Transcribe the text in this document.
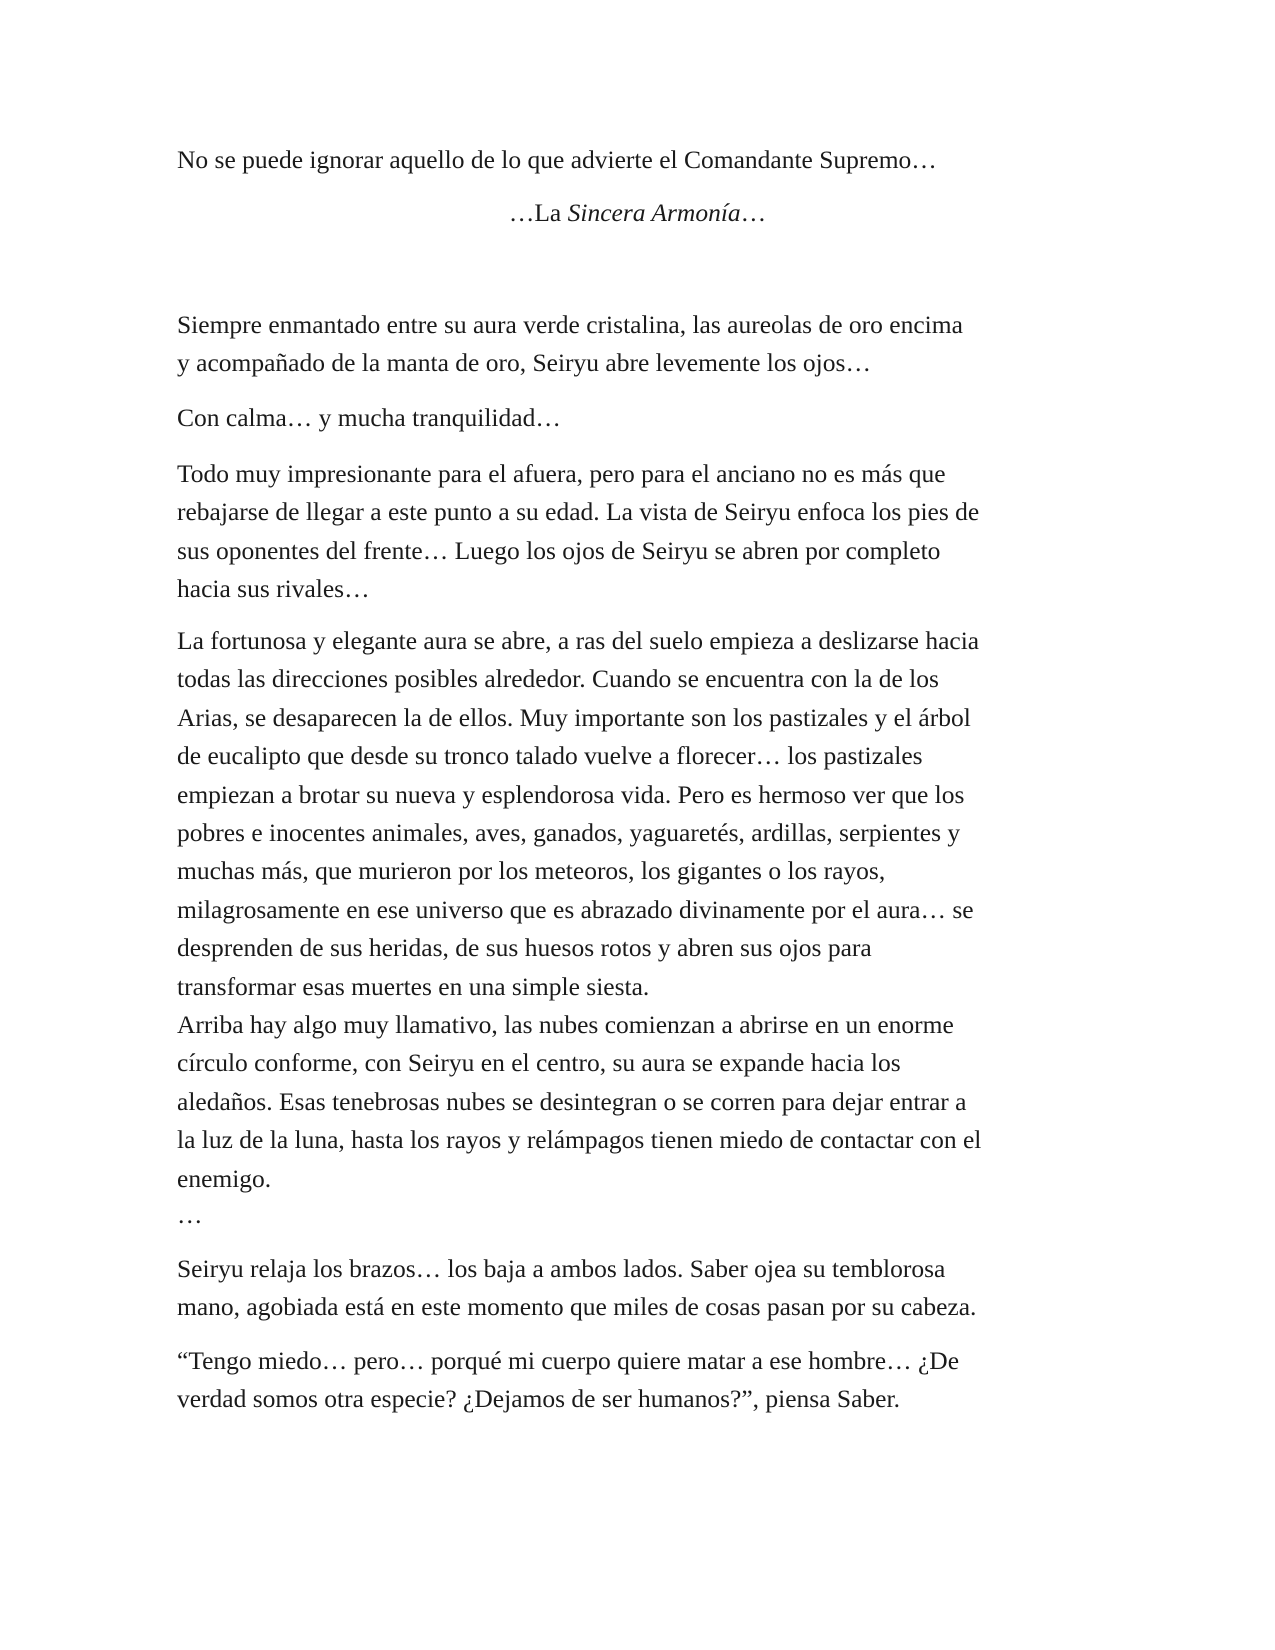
No se puede ignorar aquello de lo que advierte el Comandante Supremo…

…La Sincera Armonía…

Siempre enmantado entre su aura verde cristalina, las aureolas de oro encima
y acompañado de la manta de oro, Seiryu abre levemente los ojos…

Con calma… y mucha tranquilidad…

Todo muy impresionante para el afuera, pero para el anciano no es más que
rebajarse de llegar a este punto a su edad. La vista de Seiryu enfoca los pies de
sus oponentes del frente… Luego los ojos de Seiryu se abren por completo
hacia sus rivales…

La fortunosa y elegante aura se abre, a ras del suelo empieza a deslizarse hacia
todas las direcciones posibles alrededor. Cuando se encuentra con la de los
Arias, se desaparecen la de ellos. Muy importante son los pastizales y el árbol
de eucalipto que desde su tronco talado vuelve a florecer… los pastizales
empiezan a brotar su nueva y esplendorosa vida. Pero es hermoso ver que los
pobres e inocentes animales, aves, ganados, yaguaretés, ardillas, serpientes y
muchas más, que murieron por los meteoros, los gigantes o los rayos,
milagrosamente en ese universo que es abrazado divinamente por el aura… se
desprenden de sus heridas, de sus huesos rotos y abren sus ojos para
transformar esas muertes en una simple siesta.
Arriba hay algo muy llamativo, las nubes comienzan a abrirse en un enorme
círculo conforme, con Seiryu en el centro, su aura se expande hacia los
aledaños. Esas tenebrosas nubes se desintegran o se corren para dejar entrar a
la luz de la luna, hasta los rayos y relámpagos tienen miedo de contactar con el
enemigo.

…

Seiryu relaja los brazos… los baja a ambos lados. Saber ojea su temblorosa
mano, agobiada está en este momento que miles de cosas pasan por su cabeza.

“Tengo miedo… pero… porqué mi cuerpo quiere matar a ese hombre… ¿De
verdad somos otra especie? ¿Dejamos de ser humanos?”, piensa Saber.
